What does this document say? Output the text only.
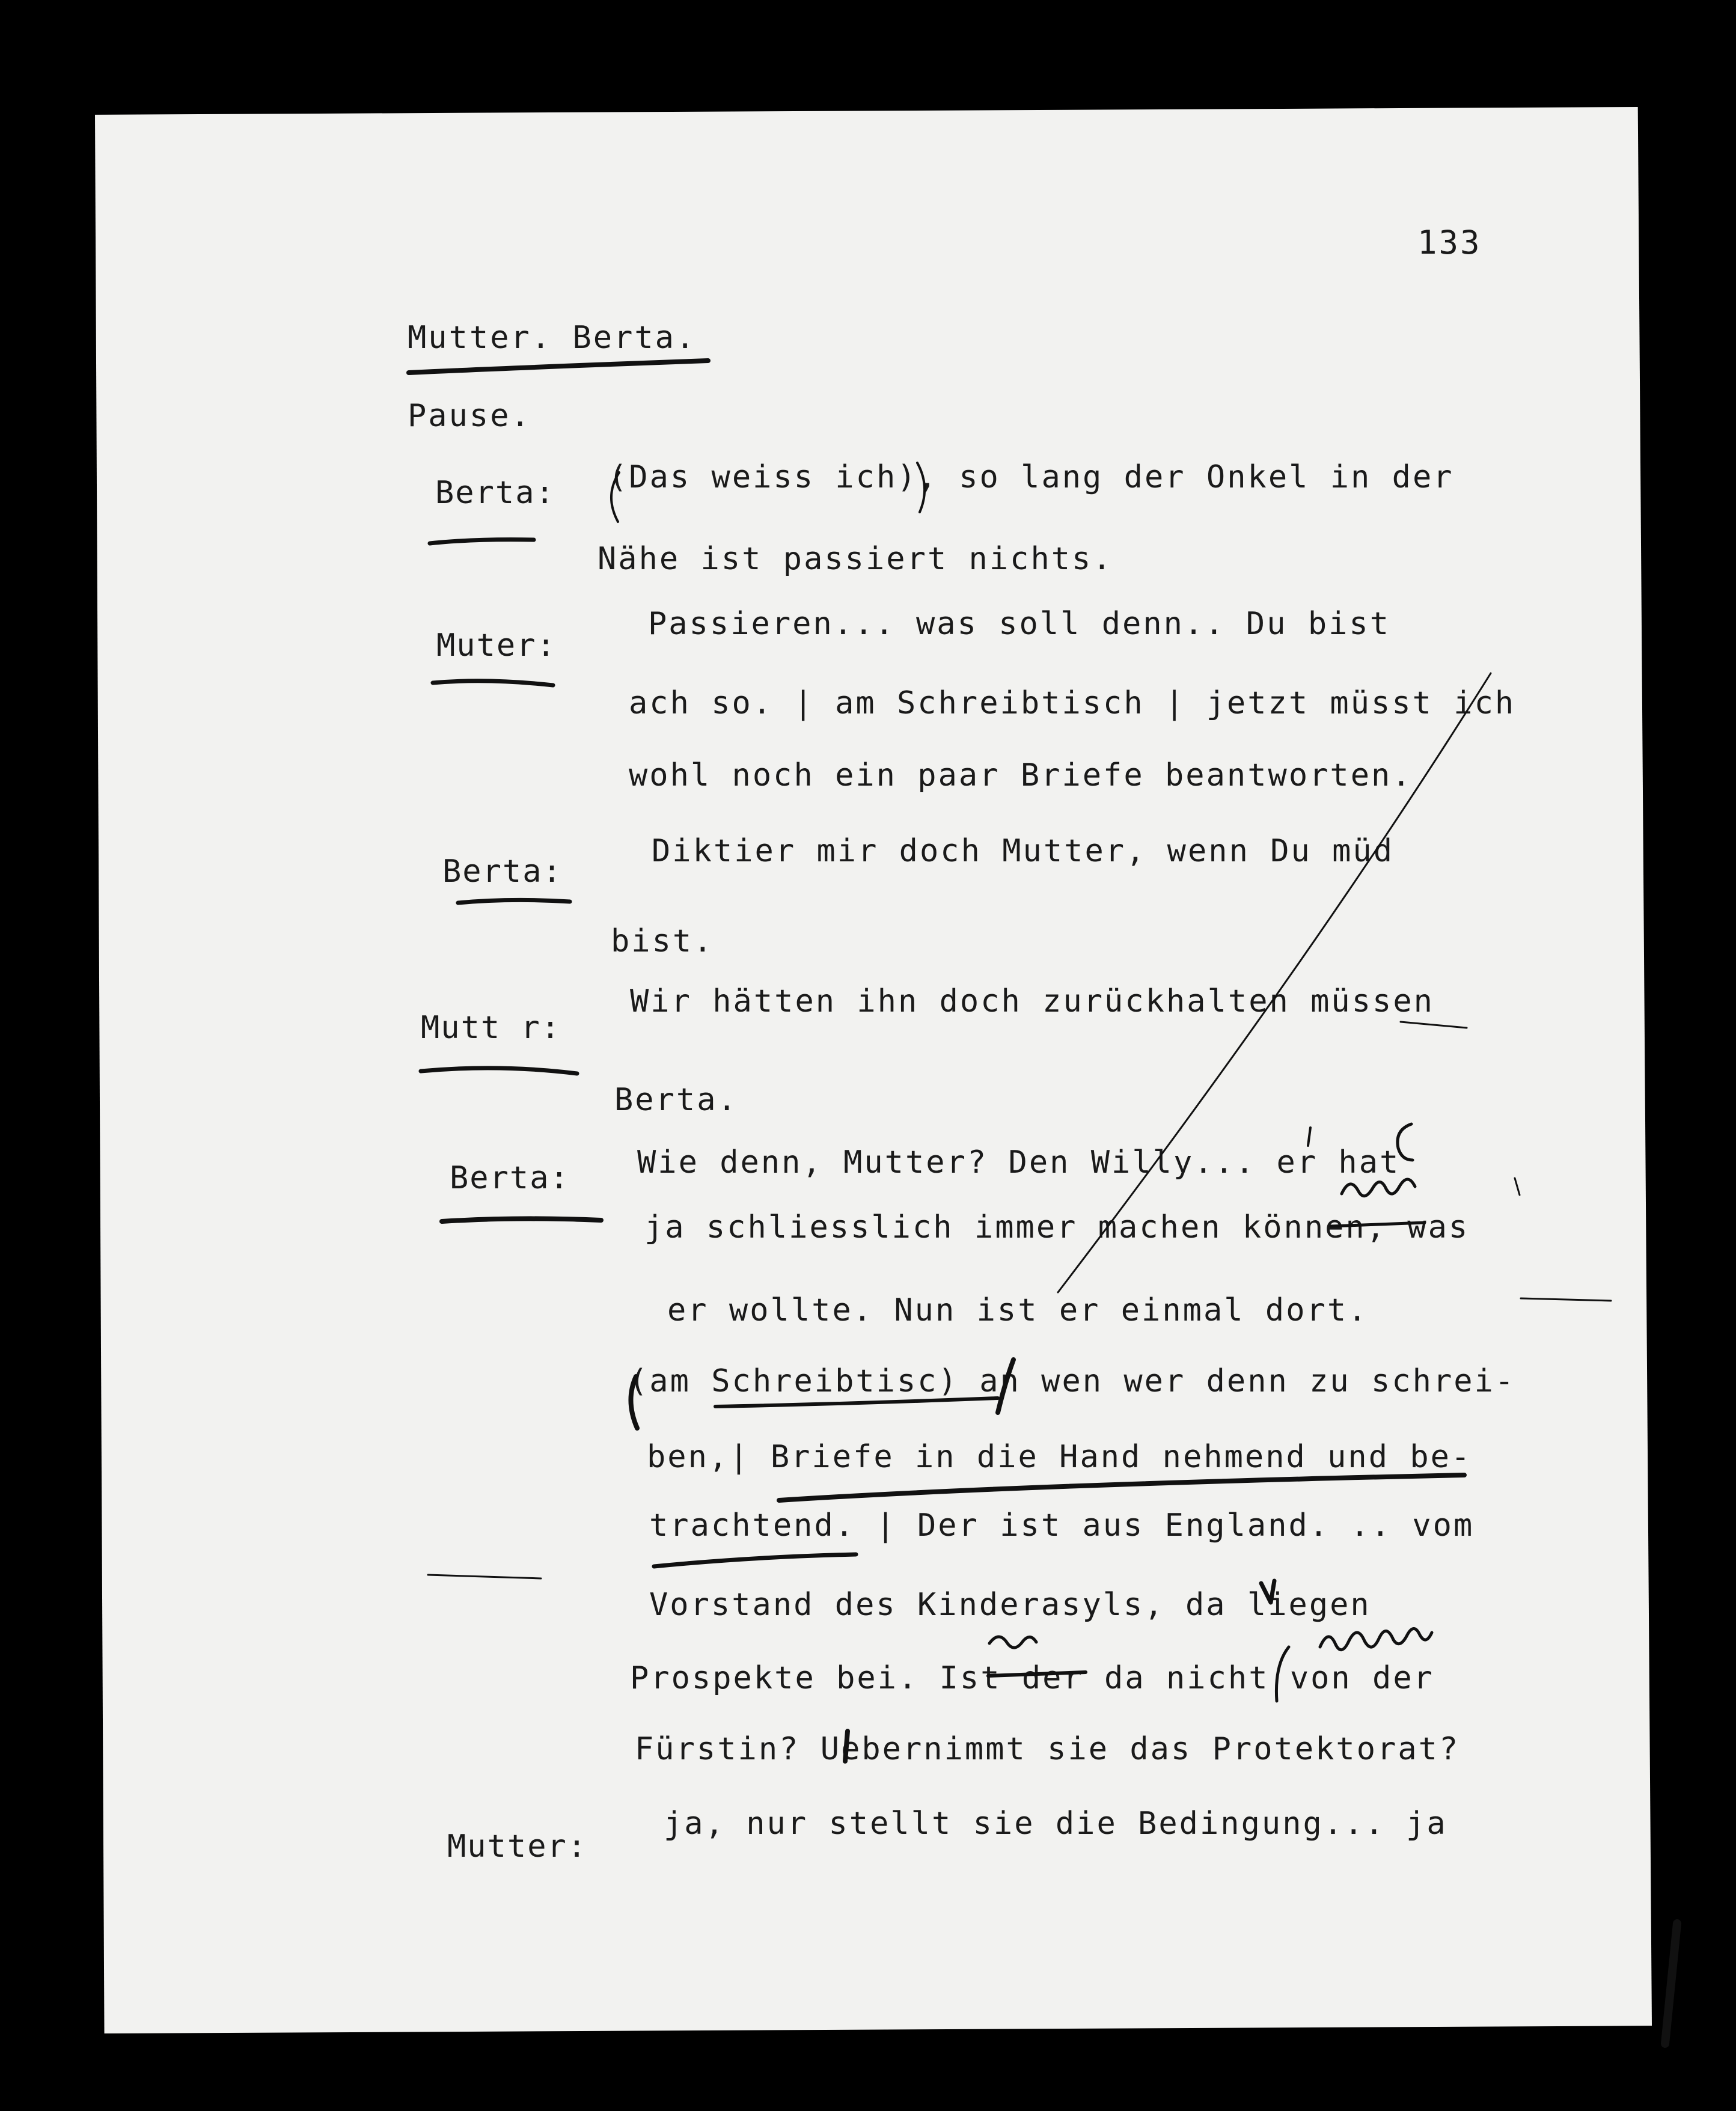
133
Mutter. Berta.
Pause.
Berta: (Das weiss ich), so lang der Onkel in der
Nähe ist passiert nichts.
Muter:
Passieren... was soll denn.. Du bist
ach so. | am Schreibtisch | jetzt müsst ich
wohl noch ein paar Briefe beantworten.
Berta:
Diktier mir doch Mutter, wenn Du müd
bist.
Mutt r:
Wir hätten ihn doch zurückhalten müssen
Berta.
Berta: Wie denn, Mutter? Den Willy... er hat
ja schliesslich immer machen können, was
er wollte. Nun ist er einmal dort.
(am Schreibtisc) an wen wer denn zu schrei-
ben,| Briefe in die Hand nehmend und be-
trachtend. | Der ist aus England. .. vom
Vorstand des Kinderasyls, da liegen
Prospekte bei. Ist der da nicht von der
Fürstin? Uebernimmt sie das Protektorat?
Mutter:
ja, nur stellt sie die Bedingung... ja
